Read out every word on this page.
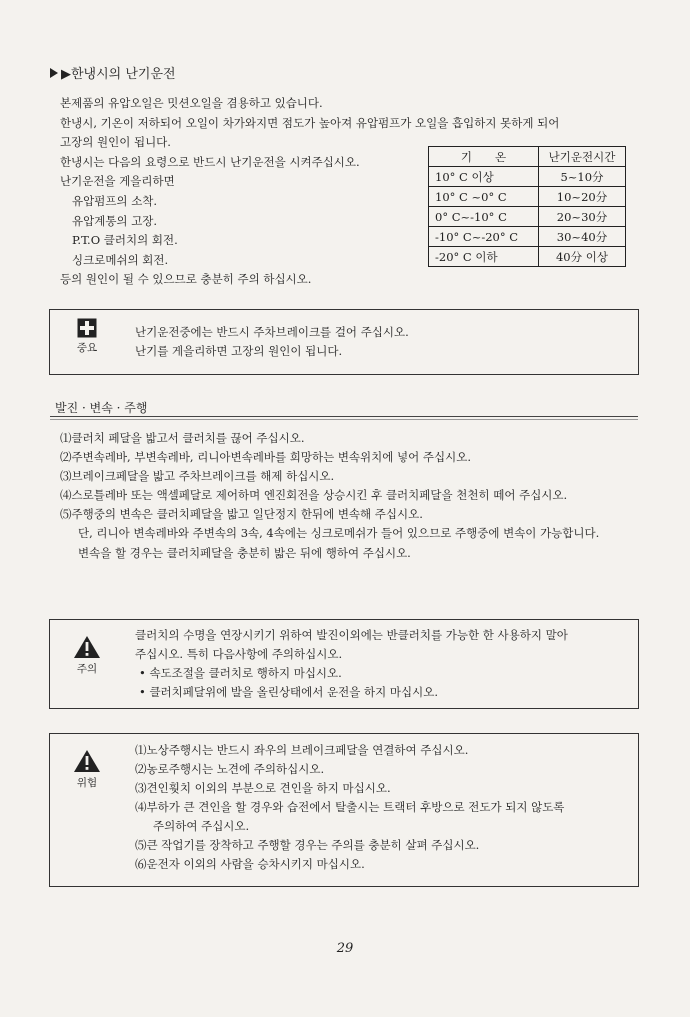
▶한냉시의 난기운전
본제품의 유압오일은 밋션오일을 겸용하고 있습니다.
한냉시, 기온이 저하되어 오일이 차가와지면 점도가 높아져 유압펌프가 오일을 흡입하지 못하게 되어
고장의 원인이 됩니다.
한냉시는 다음의 요령으로 반드시 난기운전을 시켜주십시오.
난기운전을 게을리하면
유압펌프의 소착.
유압계통의 고장.
P.T.O 클러치의 회전.
싱크로메쉬의 회전.
등의 원인이 될 수 있으므로 충분히 주의 하십시오.
기　　온	난기운전시간
10° C 이상	5~10分
10° C ~0° C	10~20分
0° C~-10° C	20~30分
-10° C~-20° C	30~40分
-20° C 이하	40分 이상
중요
난기운전중에는 반드시 주차브레이크를 걸어 주십시오.
난기를 게을리하면 고장의 원인이 됩니다.
발진 · 변속 · 주행
⑴클러치 페달을 밟고서 클러치를 끊어 주십시오.
⑵주변속레바, 부변속레바, 리니아변속레바를 희망하는 변속위치에 넣어 주십시오.
⑶브레이크페달을 밟고 주차브레이크를 해제 하십시오.
⑷스로틀레바 또는 액셀페달로 제어하며 엔진회전을 상승시킨 후 클러치페달을 천천히 떼어 주십시오.
⑸주행중의 변속은 클러치페달을 밟고 일단정지 한뒤에 변속해 주십시오.
단, 리니아 변속레바와 주변속의 3속, 4속에는 싱크로메쉬가 들어 있으므로 주행중에 변속이 가능합니다.
변속을 할 경우는 클러치페달을 충분히 밟은 뒤에 행하여 주십시오.
주의
클러치의 수명을 연장시키기 위하여 발진이외에는 반클러치를 가능한 한 사용하지 말아
주십시오. 특히 다음사항에 주의하십시오.
• 속도조절을 클러치로 행하지 마십시오.
• 클러치페달위에 발을 올린상태에서 운전을 하지 마십시오.
위험
⑴노상주행시는 반드시 좌우의 브레이크페달을 연결하여 주십시오.
⑵농로주행시는 노견에 주의하십시오.
⑶견인훳치 이외의 부분으로 견인을 하지 마십시오.
⑷부하가 큰 견인을 할 경우와 습전에서 탈출시는 트랙터 후방으로 전도가 되지 않도록
주의하여 주십시오.
⑸큰 작업기를 장착하고 주행할 경우는 주의를 충분히 살펴 주십시오.
⑹운전자 이외의 사람을 승차시키지 마십시오.
29
